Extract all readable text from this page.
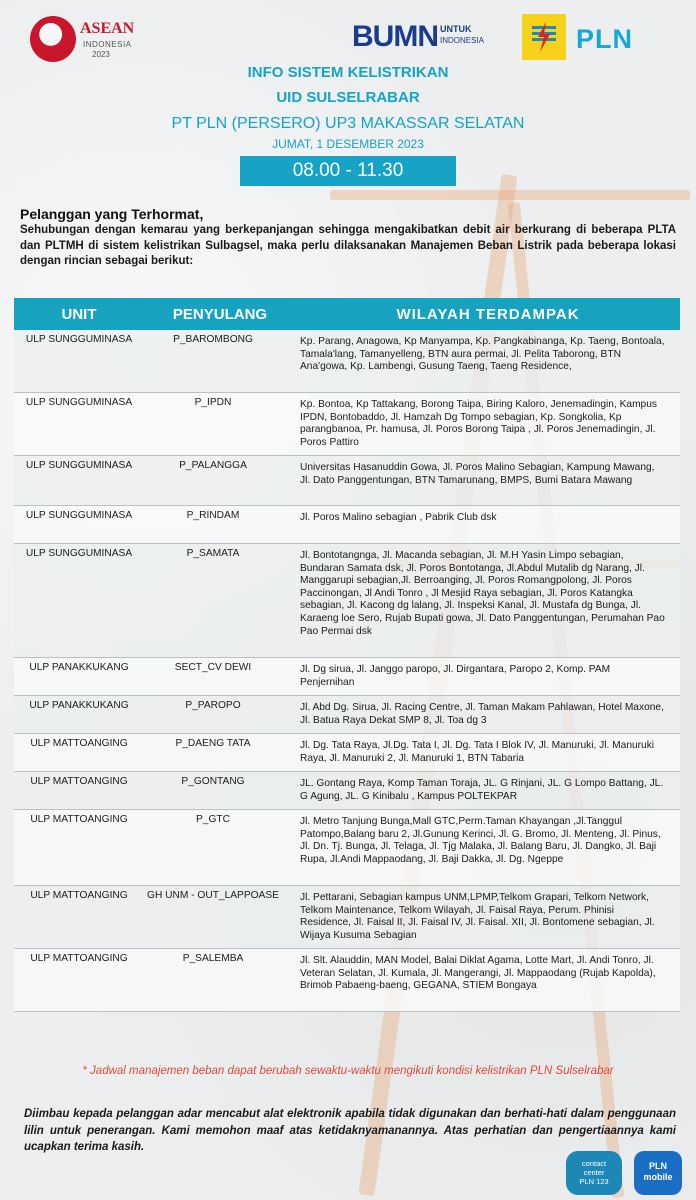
ASEAN
INDONESIA
2023
BUMN UNTUK
INDONESIA	PLN
INFO SISTEM KELISTRIKAN
UID SULSELRABAR
PT PLN (PERSERO) UP3 MAKASSAR SELATAN
JUMAT, 1 DESEMBER 2023
08.00 - 11.30
Pelanggan yang Terhormat,
Sehubungan dengan kemarau yang berkepanjangan sehingga mengakibatkan debit air berkurang di beberapa PLTA dan PLTMH di sistem kelistrikan Sulbagsel, maka perlu dilaksanakan Manajemen Beban Listrik pada beberapa lokasi dengan rincian sebagai berikut:
UNIT	PENYULANG	WILAYAH TERDAMPAK
ULP SUNGGUMINASA	P_BAROMBONG	Kp. Parang, Anagowa, Kp Manyampa, Kp. Pangkabinanga, Kp. Taeng, Bontoala, Tamala'lang, Tamanyelleng, BTN aura permai, Jl. Pelita Taborong, BTN Ana'gowa, Kp. Lambengi, Gusung Taeng, Taeng Residence,
ULP SUNGGUMINASA	P_IPDN	Kp. Bontoa, Kp Tattakang, Borong Taipa, Biring Kaloro, Jenemadingin, Kampus IPDN, Bontobaddo, Jl. Hamzah Dg Tompo sebagian, Kp. Songkolia, Kp parangbanoa, Pr. hamusa, Jl. Poros Borong Taipa , Jl. Poros Jenemadingin, Jl. Poros Pattiro
ULP SUNGGUMINASA	P_PALANGGA	Universitas Hasanuddin Gowa, Jl. Poros Malino Sebagian, Kampung Mawang, Jl. Dato Panggentungan, BTN Tamarunang, BMPS, Bumi Batara Mawang
ULP SUNGGUMINASA	P_RINDAM	Jl. Poros Malino sebagian , Pabrik Club dsk
ULP SUNGGUMINASA	P_SAMATA	Jl. Bontotangnga, Jl. Macanda sebagian, Jl. M.H Yasin Limpo sebagian, Bundaran Samata dsk, Jl. Poros Bontotanga, Jl.Abdul Mutalib dg Narang, Jl. Manggarupi sebagian,Jl. Berroanging, Jl. Poros Romangpolong, Jl. Poros Paccinongan, Jl Andi Tonro , Jl Mesjid Raya sebagian, Jl. Poros Katangka sebagian, Jl. Kacong dg lalang, Jl. Inspeksi Kanal, Jl. Mustafa dg Bunga, Jl. Karaeng loe Sero, Rujab Bupati gowa, Jl. Dato Panggentungan, Perumahan Pao Pao Permai dsk
ULP PANAKKUKANG	SECT_CV DEWI	Jl. Dg sirua, Jl. Janggo paropo, Jl. Dirgantara, Paropo 2, Komp. PAM Penjernihan
ULP PANAKKUKANG	P_PAROPO	Jl. Abd Dg. Sirua, Jl. Racing Centre, Jl. Taman Makam Pahlawan, Hotel Maxone, Jl. Batua Raya Dekat SMP 8, Jl. Toa dg 3
ULP MATTOANGING	P_DAENG TATA	Jl. Dg. Tata Raya, Jl.Dg. Tata I, Jl. Dg. Tata I Blok IV, Jl. Manuruki, Jl. Manuruki Raya, Jl. Manuruki 2, Jl. Manuruki 1, BTN Tabaria
ULP MATTOANGING	P_GONTANG	JL. Gontang Raya, Komp Taman Toraja, JL. G Rinjani, JL. G Lompo Battang, JL. G Agung, JL. G Kinibalu , Kampus POLTEKPAR
ULP MATTOANGING	P_GTC	Jl. Metro Tanjung Bunga,Mall GTC,Perm.Taman Khayangan ,Jl.Tanggul Patompo,Balang baru 2, Jl.Gunung Kerinci, Jl. G. Bromo, Jl. Menteng, Jl. Pinus, Jl. Dn. Tj. Bunga, Jl. Telaga, Jl. Tjg Malaka, Jl. Balang Baru, Jl. Dangko, Jl. Baji Rupa, Jl.Andi Mappaodang, Jl. Baji Dakka, Jl. Dg. Ngeppe
ULP MATTOANGING	GH UNM - OUT_LAPPOASE	Jl. Pettarani, Sebagian kampus UNM,LPMP,Telkom Grapari, Telkom Network, Telkom Maintenance, Telkom Wilayah, Jl. Faisal Raya, Perum. Phinisi Residence, Jl. Faisal II, Jl. Faisal IV, Jl. Faisal. XII, Jl. Bontomene sebagian, Jl. Wijaya Kusuma Sebagian
ULP MATTOANGING	P_SALEMBA	Jl. Slt. Alauddin, MAN Model, Balai Diklat Agama, Lotte Mart, Jl. Andi Tonro, Jl. Veteran Selatan, Jl. Kumala, Jl. Mangerangi, Jl. Mappaodang (Rujab Kapolda), Brimob Pabaeng-baeng, GEGANA, STIEM Bongaya
* Jadwal manajemen beban dapat berubah sewaktu-waktu mengikuti kondisi kelistrikan PLN Sulselrabar
Diimbau kepada pelanggan adar mencabut alat elektronik apabila tidak digunakan dan berhati-hati dalam penggunaan lilin untuk penerangan. Kami memohon maaf atas ketidaknyamanannya. Atas perhatian dan pengertiaannya kami ucapkan terima kasih.
contact
center
PLN 123
PLN
mobile
